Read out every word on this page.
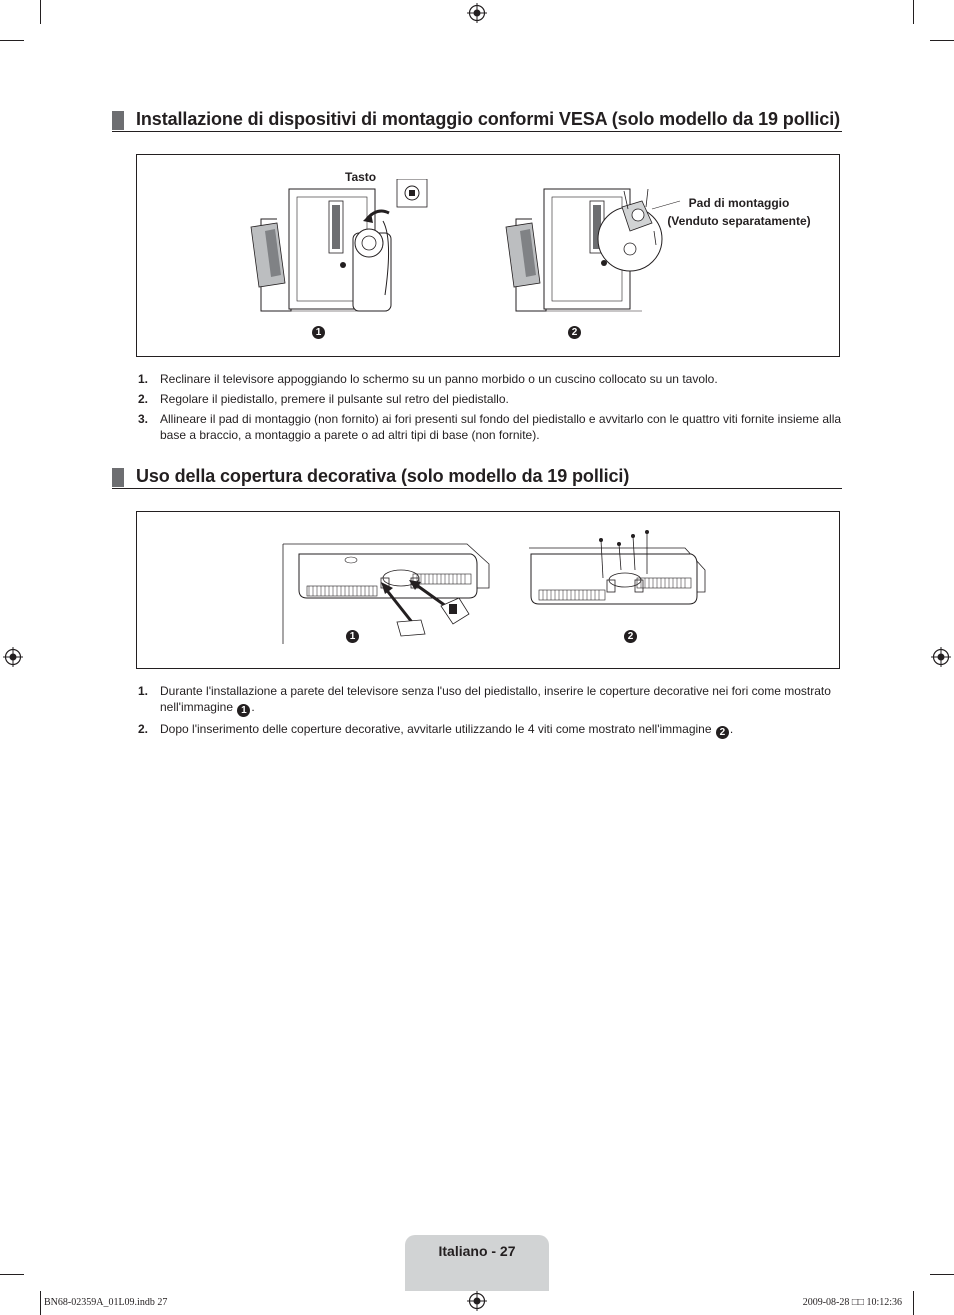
Installazione di dispositivi di montaggio conformi VESA (solo modello da 19 pollici)
Tasto
1
Pad di montaggio
(Venduto separatamente)
2
1. Reclinare il televisore appoggiando lo schermo su un panno morbido o un cuscino collocato su un tavolo.
2. Regolare il piedistallo, premere il pulsante sul retro del piedistallo.
3. Allineare il pad di montaggio (non fornito) ai fori presenti sul fondo del piedistallo e avvitarlo con le quattro viti fornite insieme alla base a braccio, a montaggio a parete o ad altri tipi di base (non fornite).
Uso della copertura decorativa (solo modello da 19 pollici)
1	2
1. Durante l'installazione a parete del televisore senza l'uso del piedistallo, inserire le coperture decorative nei fori come mostrato nell'immagine 1 .
2. Dopo l'inserimento delle coperture decorative, avvitarle utilizzando le 4 viti come mostrato nell'immagine 2 .
Italiano - 27
BN68-02359A_01L09.indb 27	2009-08-28 □□ 10:12:36
